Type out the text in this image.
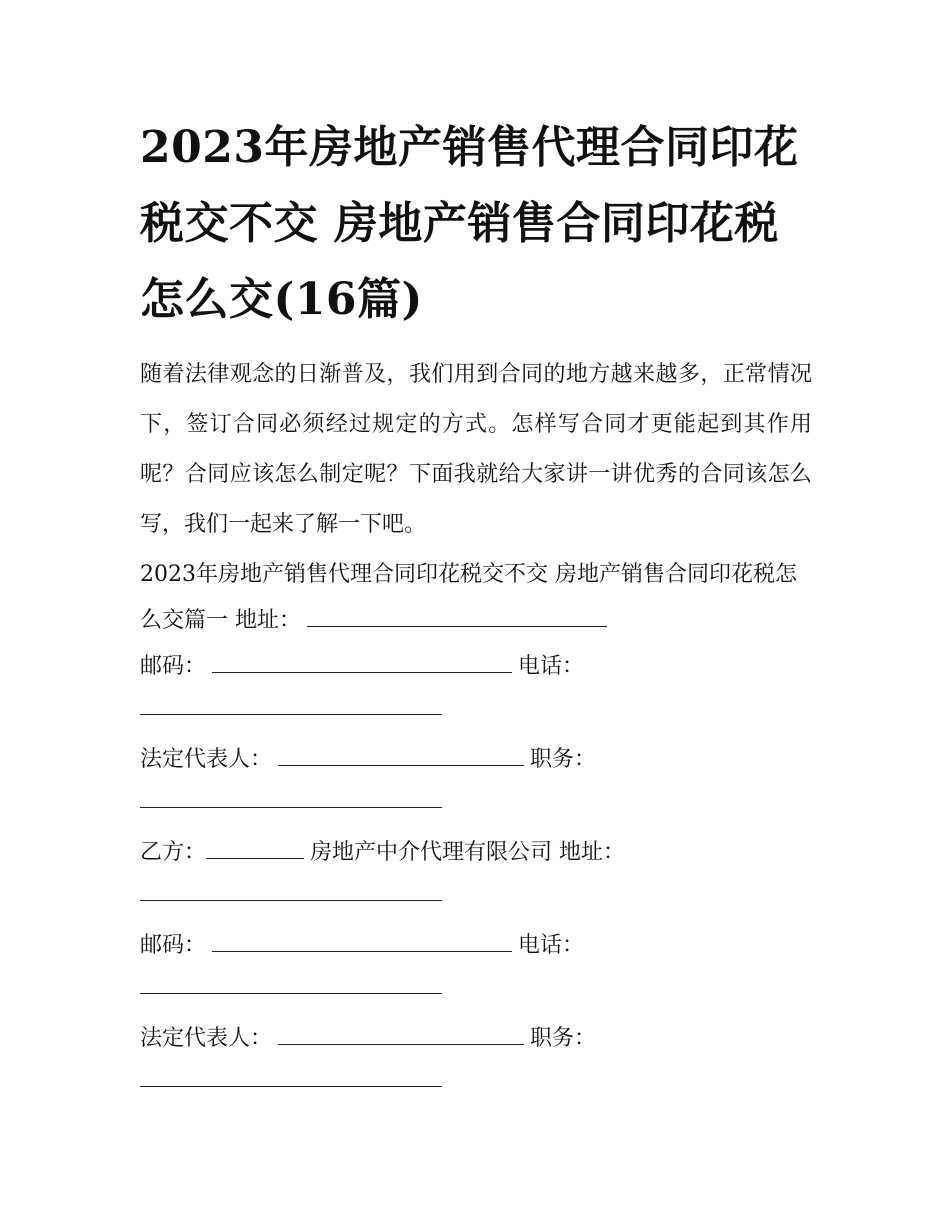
2023年房地产销售代理合同印花税交不交 房地产销售合同印花税怎么交(16篇)

随着法律观念的日渐普及，我们用到合同的地方越来越多，正常情况下，签订合同必须经过规定的方式。怎样写合同才更能起到其作用呢？合同应该怎么制定呢？下面我就给大家讲一讲优秀的合同该怎么写，我们一起来了解一下吧。

2023年房地产销售代理合同印花税交不交 房地产销售合同印花税怎么交篇一 地址：
邮码：	电话：
法定代表人：	职务：
乙方：	房地产中介代理有限公司 地址：
邮码：	电话：
法定代表人：	职务：
